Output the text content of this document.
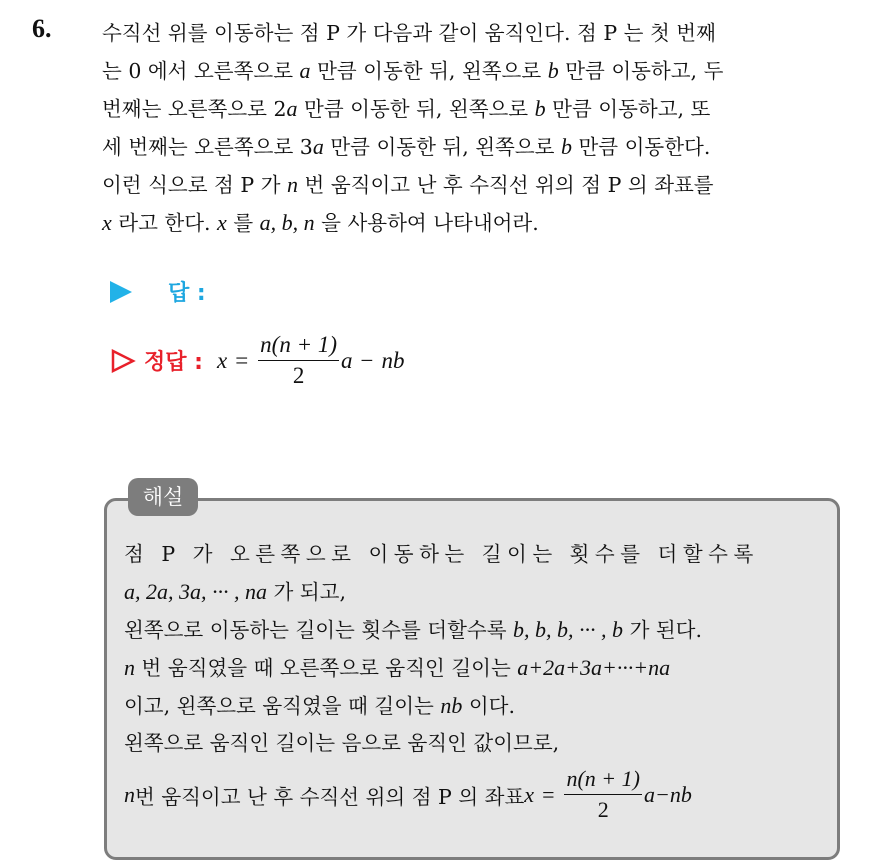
6. 수직선 위를 이동하는 점 P 가 다음과 같이 움직인다. 점 P 는 첫 번째
는 0 에서 오른쪽으로 a 만큼 이동한 뒤, 왼쪽으로 b 만큼 이동하고, 두
번째는 오른쪽으로 2a 만큼 이동한 뒤, 왼쪽으로 b 만큼 이동하고, 또
세 번째는 오른쪽으로 3a 만큼 이동한 뒤, 왼쪽으로 b 만큼 이동한다.
이런 식으로 점 P 가 n 번 움직이고 난 후 수직선 위의 점 P 의 좌표를
x 라고 한다. x 를 a, b, n 을 사용하여 나타내어라.
답 :
정답 : $x = \frac{n(n + 1)}{2}$ a − nb
해설
점 P 가 오른쪽으로 이동하는 길이는 횟수를 더할수록
a, 2a, 3a, ··· , na 가 되고,
왼쪽으로 이동하는 길이는 횟수를 더할수록 b, b, b, ··· , b 가 된다.
n 번 움직였을 때 오른쪽으로 움직인 길이는 a+2a+3a+···+na
이고, 왼쪽으로 움직였을 때 길이는 nb 이다.
왼쪽으로 움직인 길이는 음으로 움직인 값이므로,
n 번 움직이고 난 후 수직선 위의 점 P 의 좌표 $x = \frac{n(n + 1)}{2} a-nb$
